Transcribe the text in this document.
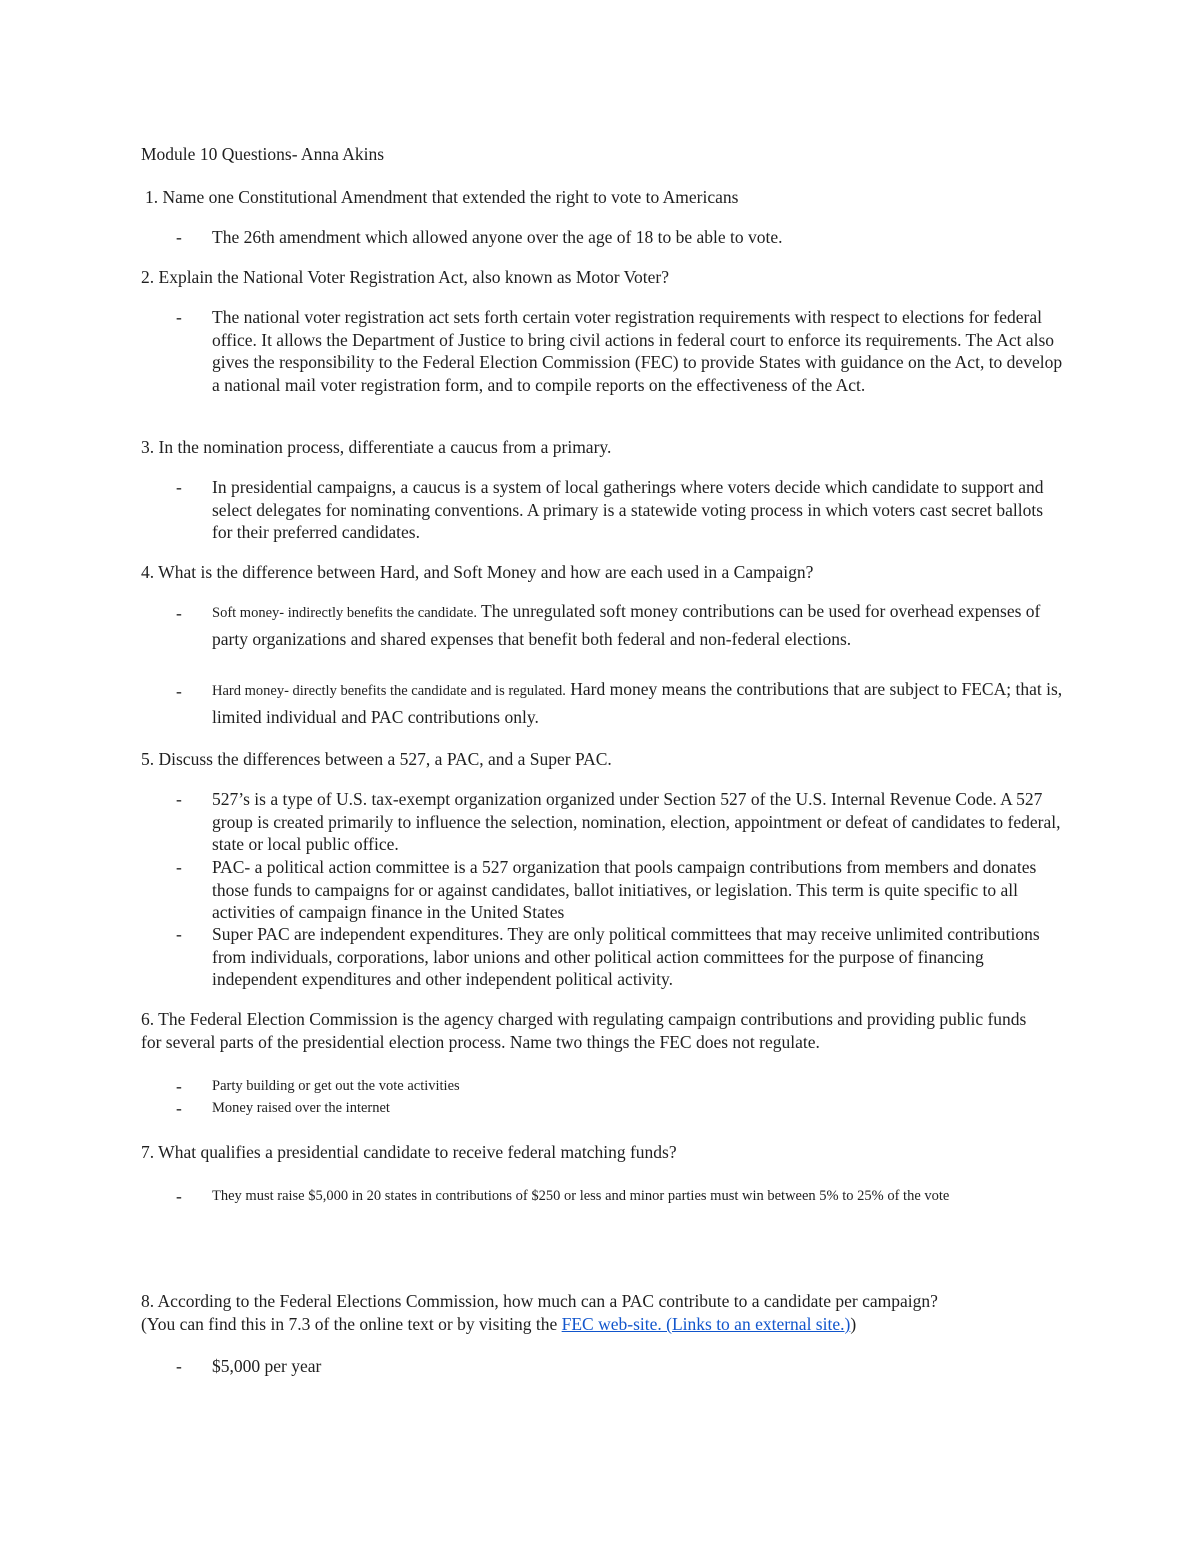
Module 10 Questions- Anna Akins

1. Name one Constitutional Amendment that extended the right to vote to Americans

- The 26th amendment which allowed anyone over the age of 18 to be able to vote.

2. Explain the National Voter Registration Act, also known as Motor Voter?

- The national voter registration act sets forth certain voter registration requirements with respect to elections for federal office. It allows the Department of Justice to bring civil actions in federal court to enforce its requirements. The Act also gives the responsibility to the Federal Election Commission (FEC) to provide States with guidance on the Act, to develop a national mail voter registration form, and to compile reports on the effectiveness of the Act.

3. In the nomination process, differentiate a caucus from a primary.

- In presidential campaigns, a caucus is a system of local gatherings where voters decide which candidate to support and select delegates for nominating conventions. A primary is a statewide voting process in which voters cast secret ballots for their preferred candidates.

4. What is the difference between Hard, and Soft Money and how are each used in a Campaign?

- Soft money- indirectly benefits the candidate. The unregulated soft money contributions can be used for overhead expenses of party organizations and shared expenses that benefit both federal and non-federal elections.

- Hard money- directly benefits the candidate and is regulated. Hard money means the contributions that are subject to FECA; that is, limited individual and PAC contributions only.

5. Discuss the differences between a 527, a PAC, and a Super PAC.

- 527’s is a type of U.S. tax-exempt organization organized under Section 527 of the U.S. Internal Revenue Code. A 527 group is created primarily to influence the selection, nomination, election, appointment or defeat of candidates to federal, state or local public office.

- PAC- a political action committee is a 527 organization that pools campaign contributions from members and donates those funds to campaigns for or against candidates, ballot initiatives, or legislation. This term is quite specific to all activities of campaign finance in the United States

- Super PAC are independent expenditures. They are only political committees that may receive unlimited contributions from individuals, corporations, labor unions and other political action committees for the purpose of financing independent expenditures and other independent political activity.

6. The Federal Election Commission is the agency charged with regulating campaign contributions and providing public funds for several parts of the presidential election process. Name two things the FEC does not regulate.

- Party building or get out the vote activities

- Money raised over the internet

7. What qualifies a presidential candidate to receive federal matching funds?

- They must raise $5,000 in 20 states in contributions of $250 or less and minor parties must win between 5% to 25% of the vote

8. According to the Federal Elections Commission, how much can a PAC contribute to a candidate per campaign?

(You can find this in 7.3 of the online text or by visiting the FEC web-site. (Links to an external site.))

- $5,000 per year
